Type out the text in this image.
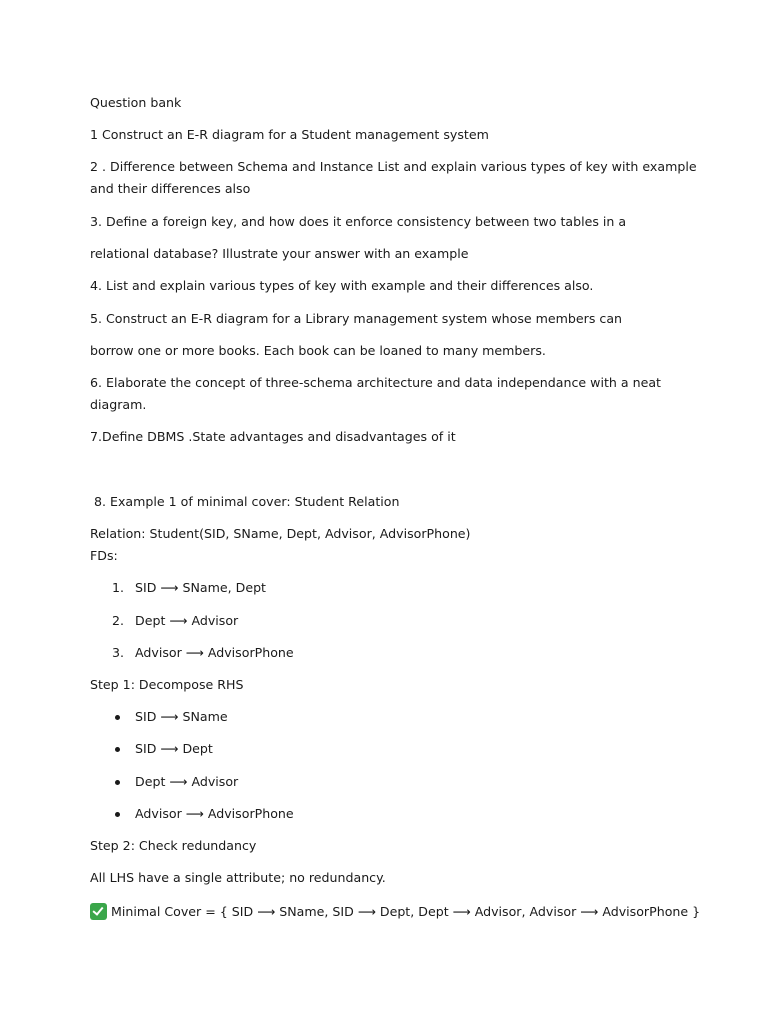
Question bank
1 Construct an E-R diagram for a Student management system
2 . Difference between Schema and Instance List and explain various types of key with example
and their differences also
3. Define a foreign key, and how does it enforce consistency between two tables in a
relational database? Illustrate your answer with an example
4. List and explain various types of key with example and their differences also.
5. Construct an E-R diagram for a Library management system whose members can
borrow one or more books. Each book can be loaned to many members.
6. Elaborate the concept of three-schema architecture and data independance with a neat
diagram.
7.Define DBMS .State advantages and disadvantages of it
8. Example 1 of minimal cover: Student Relation
Relation: Student(SID, SName, Dept, Advisor, AdvisorPhone)
FDs:
1. SID ⟶ SName, Dept
2. Dept ⟶ Advisor
3. Advisor ⟶ AdvisorPhone
Step 1: Decompose RHS
SID ⟶ SName
SID ⟶ Dept
Dept ⟶ Advisor
Advisor ⟶ AdvisorPhone
Step 2: Check redundancy
All LHS have a single attribute; no redundancy.
Minimal Cover = { SID ⟶ SName, SID ⟶ Dept, Dept ⟶ Advisor, Advisor ⟶ AdvisorPhone }
